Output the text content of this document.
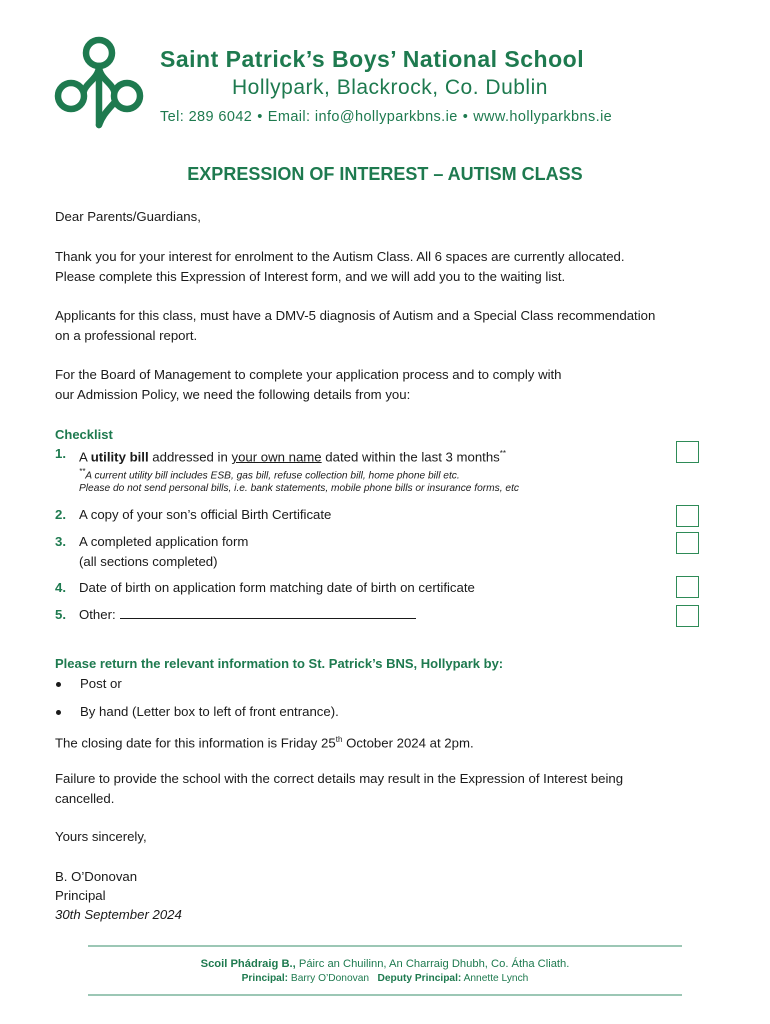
Saint Patrick’s Boys’ National School
Hollypark, Blackrock, Co. Dublin
Tel: 289 6042 • Email: info@hollyparkbns.ie • www.hollyparkbns.ie
EXPRESSION OF INTEREST – AUTISM CLASS
Dear Parents/Guardians,
Thank you for your interest for enrolment to the Autism Class. All 6 spaces are currently allocated.
Please complete this Expression of Interest form, and we will add you to the waiting list.
Applicants for this class, must have a DMV-5 diagnosis of Autism and a Special Class recommendation
on a professional report.
For the Board of Management to complete your application process and to comply with
our Admission Policy, we need the following details from you:
Checklist
1. A utility bill addressed in your own name dated within the last 3 months**
**A current utility bill includes ESB, gas bill, refuse collection bill, home phone bill etc.
Please do not send personal bills, i.e. bank statements, mobile phone bills or insurance forms, etc
2. A copy of your son’s official Birth Certificate
3. A completed application form
(all sections completed)
4. Date of birth on application form matching date of birth on certificate
5. Other:
Please return the relevant information to St. Patrick’s BNS, Hollypark by:
Post or
By hand (Letter box to left of front entrance).
The closing date for this information is Friday 25th October 2024 at 2pm.
Failure to provide the school with the correct details may result in the Expression of Interest being
cancelled.
Yours sincerely,
B. O’Donovan
Principal
30th September 2024
Scoil Phádraig B., Páirc an Chuilinn, An Charraig Dhubh, Co. Átha Cliath.
Principal: Barry O’Donovan Deputy Principal: Annette Lynch
